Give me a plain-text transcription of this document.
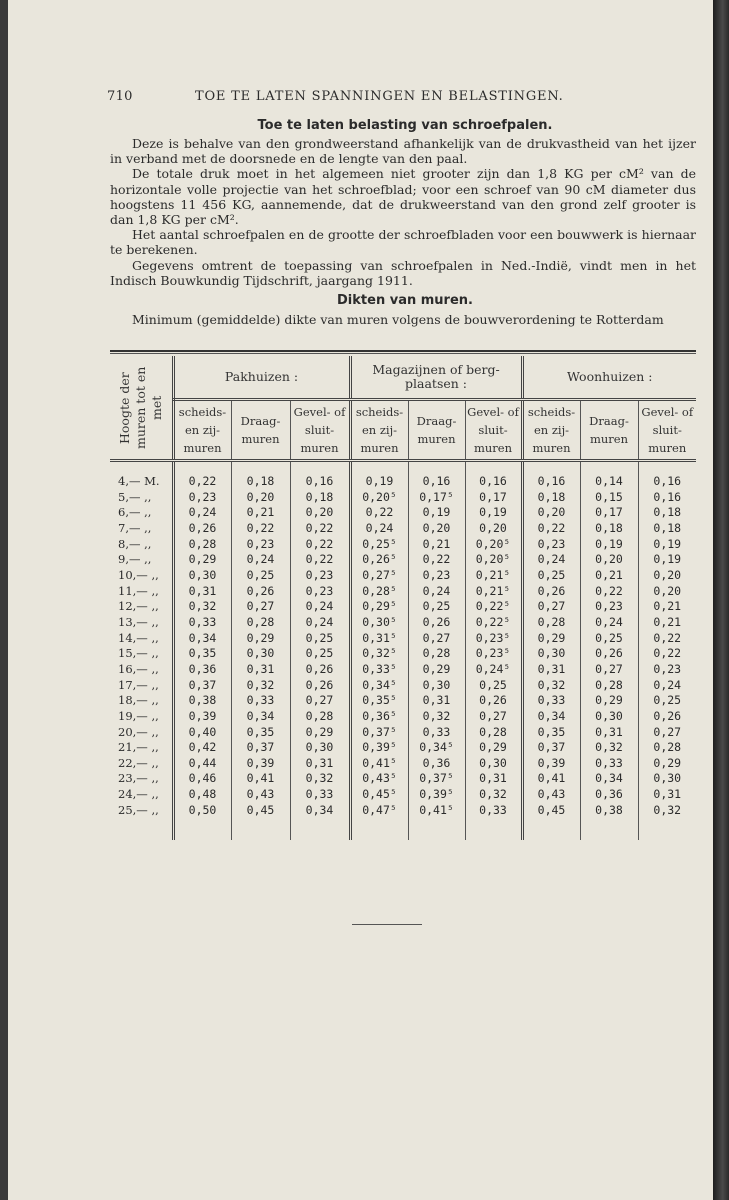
710	TOE TE LATEN SPANNINGEN EN BELASTINGEN.
Toe te laten belasting van schroefpalen.

Deze is behalve van den grondweerstand afhankelijk van de drukvastheid van het ijzer in verband met de doorsnede en de lengte van den paal.

De totale druk moet in het algemeen niet grooter zijn dan 1,8 KG per cM² van de horizontale volle projectie van het schroefblad; voor een schroef van 90 cM diameter dus hoogstens 11 456 KG, aannemende, dat de drukweerstand van den grond zelf grooter is dan 1,8 KG per cM².

Het aantal schroefpalen en de grootte der schroefbladen voor een bouwwerk is hiernaar te berekenen.

Gegevens omtrent de toepassing van schroefpalen in Ned.-Indië, vindt men in het Indisch Bouwkundig Tijdschrift, jaargang 1911.

Dikten van muren.

Minimum (gemiddelde) dikte van muren volgens de bouwverordening te Rotterdam

Hoogte der muren tot en met	Pakhuizen :			Magazijnen of berg-plaatsen :			Woonhuizen :		
	scheids- en zij- muren	Draag- muren	Gevel- of sluit- muren	scheids- en zij- muren	Draag- muren	Gevel- of sluit- muren	scheids- en zij- muren	Draag- muren	Gevel- of sluit- muren
4,— M.	0,22	0,18	0,16	0,19	0,16	0,16	0,16	0,14	0,16
5,— ,,	0,23	0,20	0,18	0,20⁵	0,17⁵	0,17	0,18	0,15	0,16
6,— ,,	0,24	0,21	0,20	0,22	0,19	0,19	0,20	0,17	0,18
7,— ,,	0,26	0,22	0,22	0,24	0,20	0,20	0,22	0,18	0,18
8,— ,,	0,28	0,23	0,22	0,25⁵	0,21	0,20⁵	0,23	0,19	0,19
9,— ,,	0,29	0,24	0,22	0,26⁵	0,22	0,20⁵	0,24	0,20	0,19
10,— ,,	0,30	0,25	0,23	0,27⁵	0,23	0,21⁵	0,25	0,21	0,20
11,— ,,	0,31	0,26	0,23	0,28⁵	0,24	0,21⁵	0,26	0,22	0,20
12,— ,,	0,32	0,27	0,24	0,29⁵	0,25	0,22⁵	0,27	0,23	0,21
13,— ,,	0,33	0,28	0,24	0,30⁵	0,26	0,22⁵	0,28	0,24	0,21
14,— ,,	0,34	0,29	0,25	0,31⁵	0,27	0,23⁵	0,29	0,25	0,22
15,— ,,	0,35	0,30	0,25	0,32⁵	0,28	0,23⁵	0,30	0,26	0,22
16,— ,,	0,36	0,31	0,26	0,33⁵	0,29	0,24⁵	0,31	0,27	0,23
17,— ,,	0,37	0,32	0,26	0,34⁵	0,30	0,25	0,32	0,28	0,24
18,— ,,	0,38	0,33	0,27	0,35⁵	0,31	0,26	0,33	0,29	0,25
19,— ,,	0,39	0,34	0,28	0,36⁵	0,32	0,27	0,34	0,30	0,26
20,— ,,	0,40	0,35	0,29	0,37⁵	0,33	0,28	0,35	0,31	0,27
21,— ,,	0,42	0,37	0,30	0,39⁵	0,34⁵	0,29	0,37	0,32	0,28
22,— ,,	0,44	0,39	0,31	0,41⁵	0,36	0,30	0,39	0,33	0,29
23,— ,,	0,46	0,41	0,32	0,43⁵	0,37⁵	0,31	0,41	0,34	0,30
24,— ,,	0,48	0,43	0,33	0,45⁵	0,39⁵	0,32	0,43	0,36	0,31
25,— ,,	0,50	0,45	0,34	0,47⁵	0,41⁵	0,33	0,45	0,38	0,32
